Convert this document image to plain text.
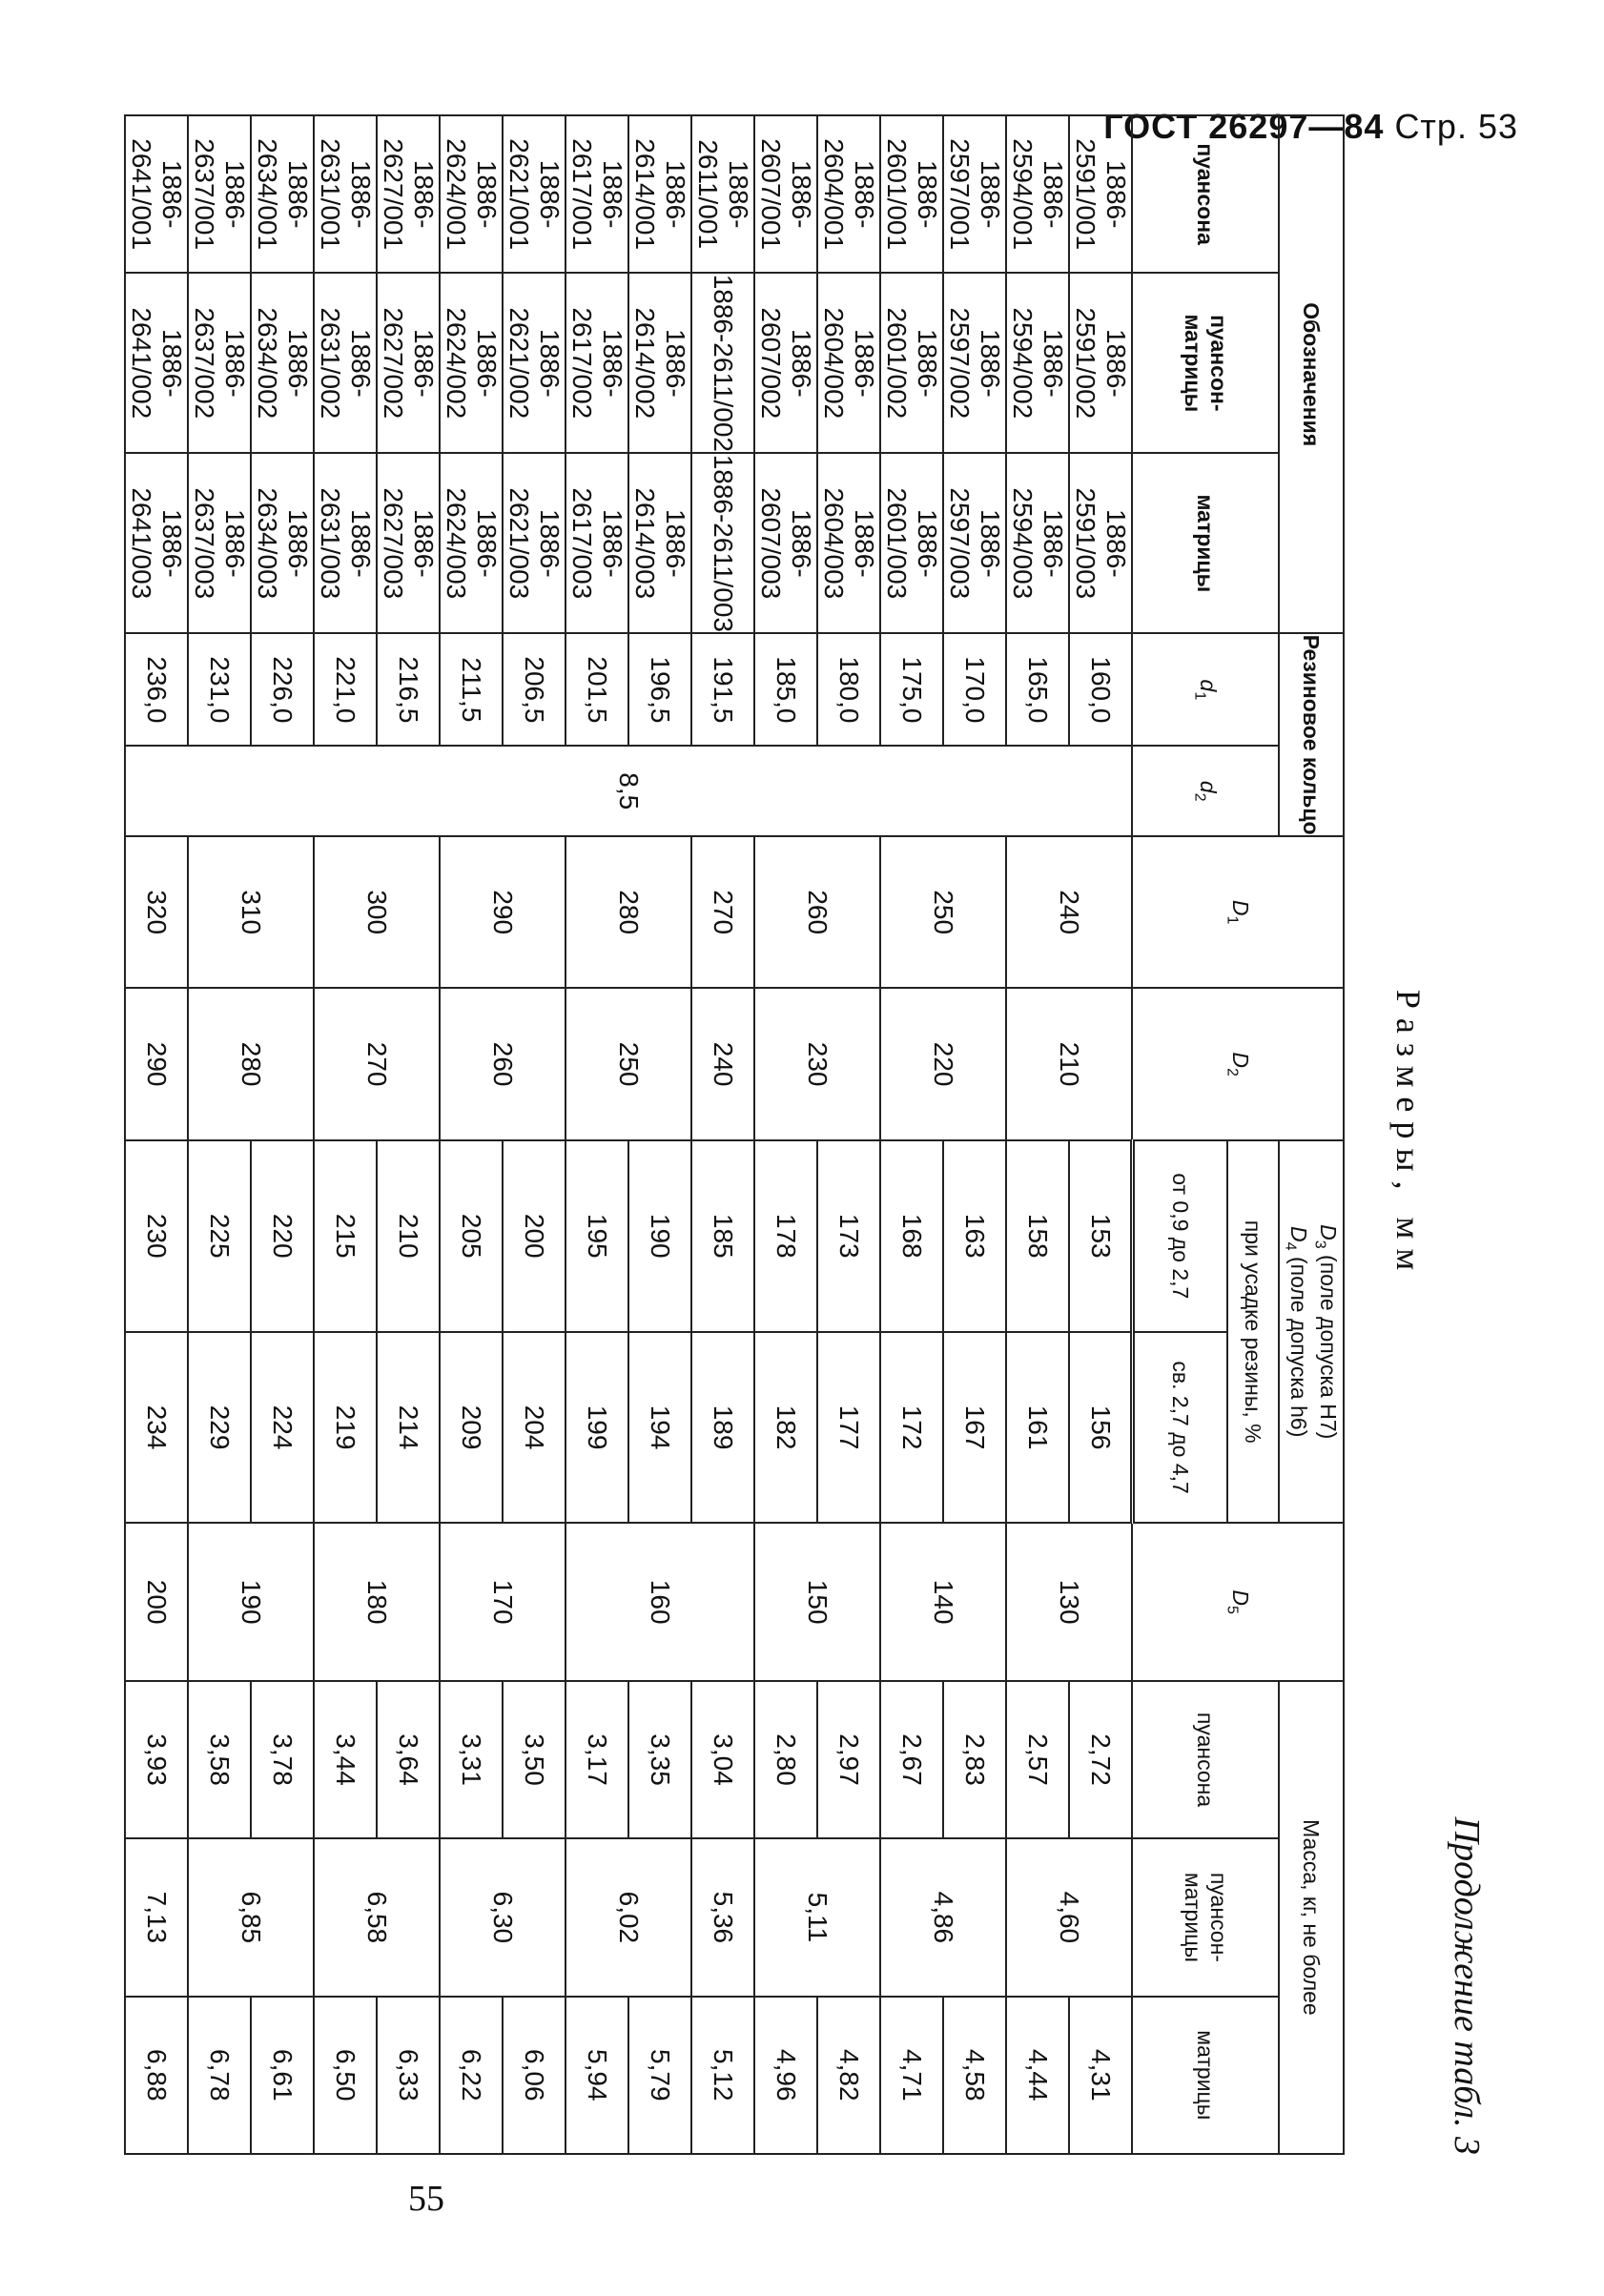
ГОСТ 26297—84 Стр. 53
Продолжение табл. 3
Размеры, мм
Обозначения			Резиновое кольцо		$D_1$	$D_2$	$D_3$ (поле допуска H7)
$D_4$ (поле допуска h6)		$D_5$	Масса, кг, не более		
пуансона	пуансон-матрицы	матрицы	$d_1$	$d_2$			при усадке резины, %			пуансона	пуансон-матрицы	матрицы
							от 0,9 до 2,7	св. 2,7 до 4,7				
1886-2591/001	1886-2591/002	1886-2591/003	160,0	8,5	240	210	153	156	130	2,72	4,60	4,31
1886-2594/001	1886-2594/002	1886-2594/003	165,0				158	161		2,57		4,44
1886-2597/001	1886-2597/002	1886-2597/003	170,0		250	220	163	167	140	2,83	4,86	4,58
1886-2601/001	1886-2601/002	1886-2601/003	175,0				168	172		2,67		4,71
1886-2604/001	1886-2604/002	1886-2604/003	180,0		260	230	173	177	150	2,97	5,11	4,82
1886-2607/001	1886-2607/002	1886-2607/003	185,0				178	182		2,80		4,96
1886-2611/001	1886-2611/002	1886-2611/003	191,5		270	240	185	189	160	3,04	5,36	5,12
1886-2614/001	1886-2614/002	1886-2614/003	196,5		280	250	190	194		3,35	6,02	5,79
1886-2617/001	1886-2617/002	1886-2617/003	201,5				195	199		3,17		5,94
1886-2621/001	1886-2621/002	1886-2621/003	206,5		290	260	200	204	170	3,50	6,30	6,06
1886-2624/001	1886-2624/002	1886-2624/003	211,5				205	209		3,31		6,22
1886-2627/001	1886-2627/002	1886-2627/003	216,5		300	270	210	214	180	3,64	6,58	6,33
1886-2631/001	1886-2631/002	1886-2631/003	221,0				215	219		3,44		6,50
1886-2634/001	1886-2634/002	1886-2634/003	226,0		310	280	220	224	190	3,78	6,85	6,61
1886-2637/001	1886-2637/002	1886-2637/003	231,0				225	229		3,58		6,78
1886-2641/001	1886-2641/002	1886-2641/003	236,0		320	290	230	234	200	3,93	7,13	6,88
55
